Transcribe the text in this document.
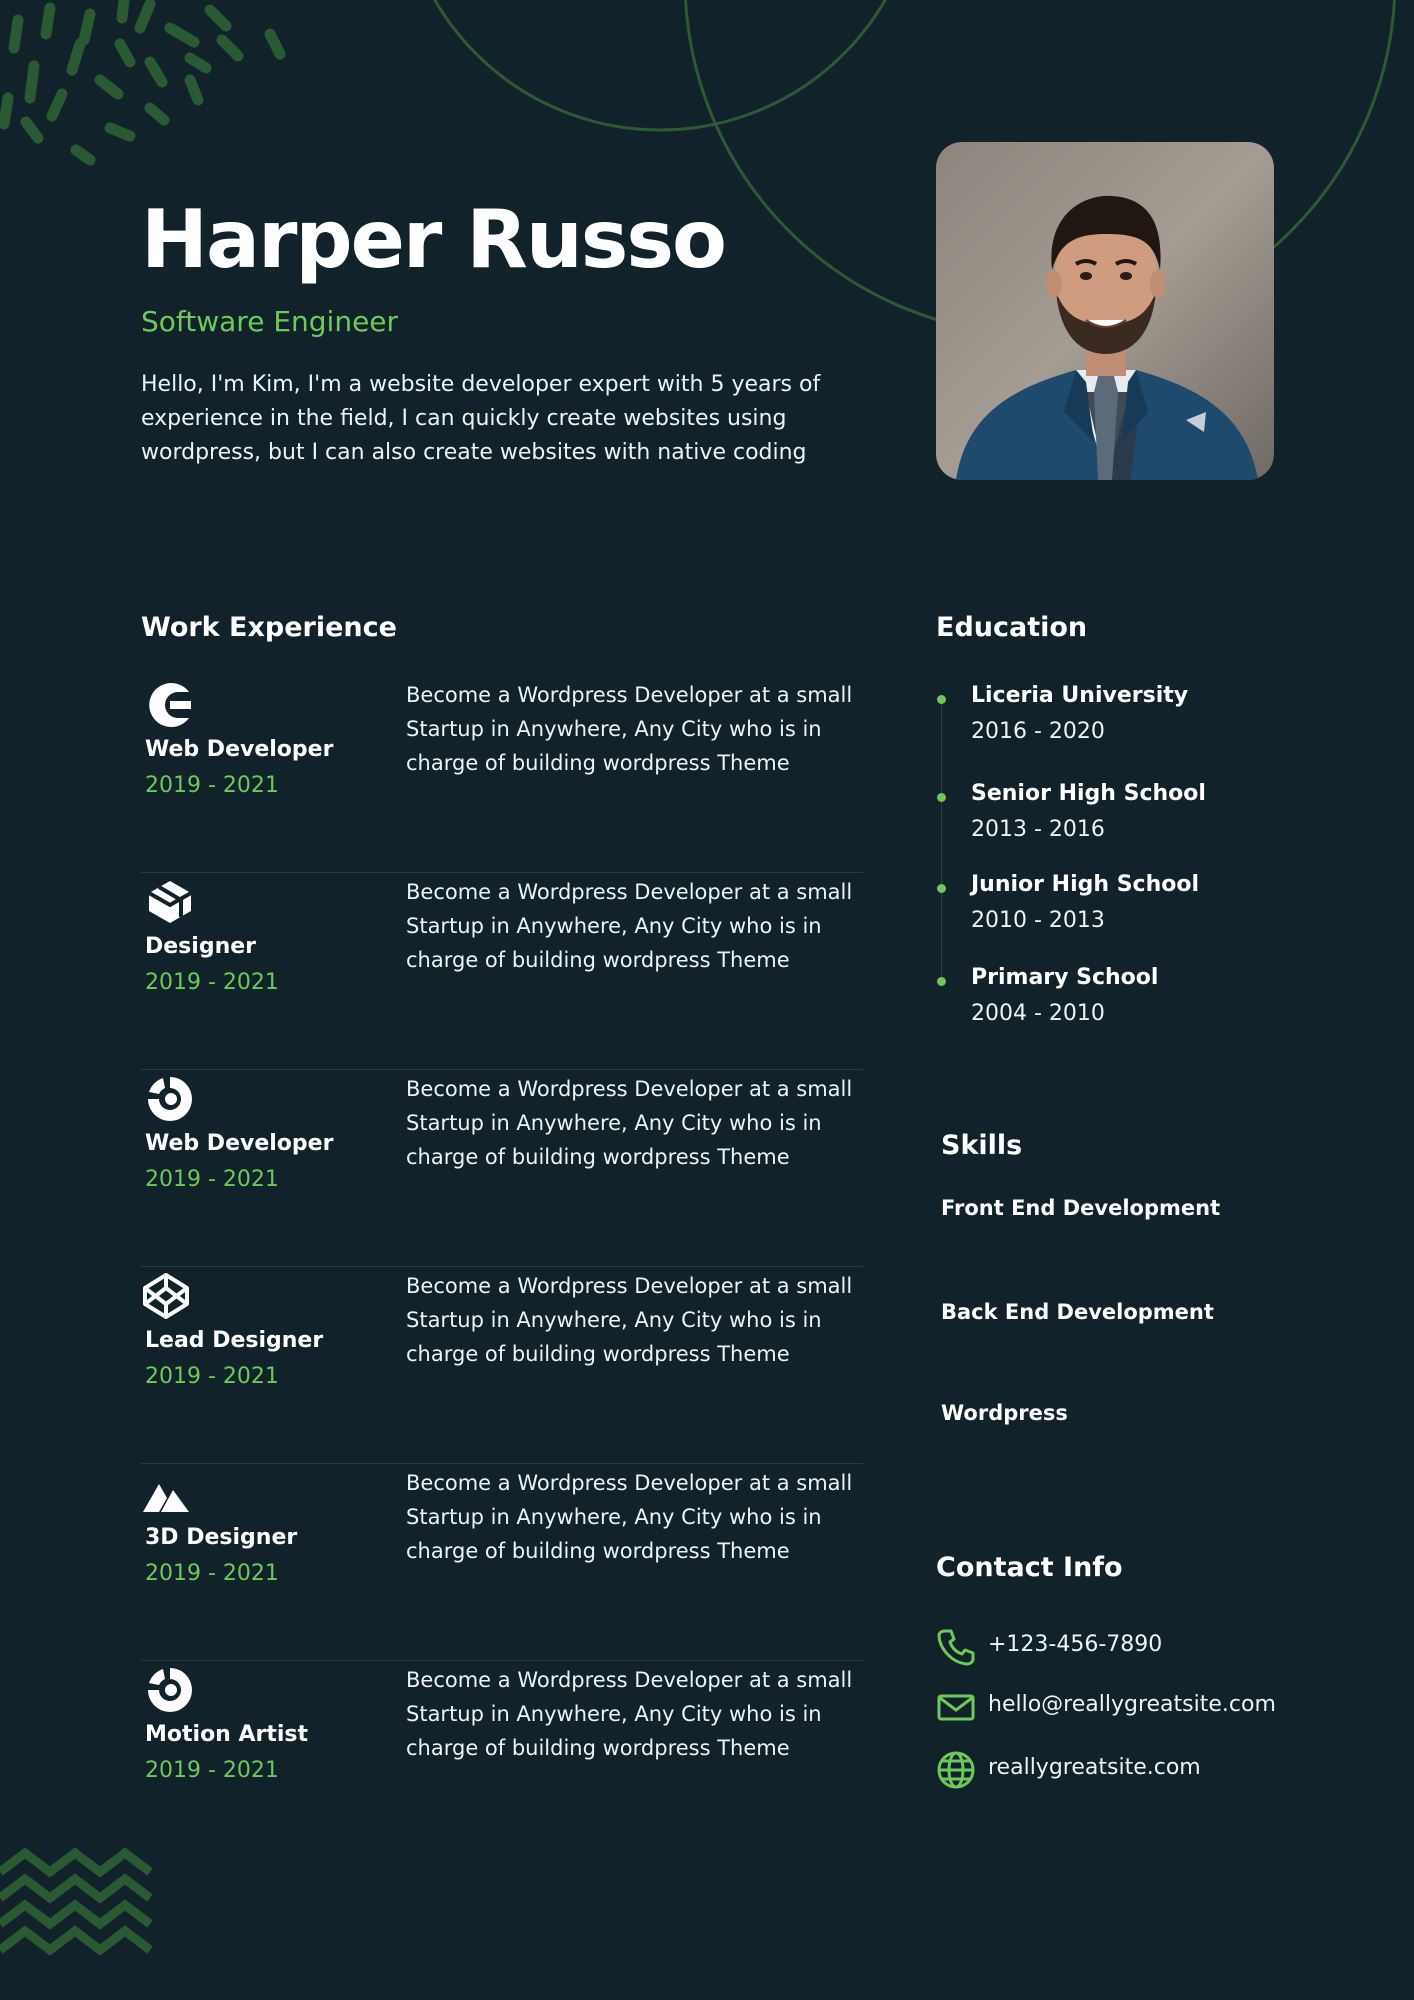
Harper Russo
Software Engineer
Hello, I'm Kim, I'm a website developer expert with 5 years of experience in the field, I can quickly create websites using wordpress, but I can also create websites with native coding
Work Experience
Web Developer
2019 - 2021
Become a Wordpress Developer at a small Startup in Anywhere, Any City who is in charge of building wordpress Theme
Designer
2019 - 2021
Become a Wordpress Developer at a small Startup in Anywhere, Any City who is in charge of building wordpress Theme
Web Developer
2019 - 2021
Become a Wordpress Developer at a small Startup in Anywhere, Any City who is in charge of building wordpress Theme
Lead Designer
2019 - 2021
Become a Wordpress Developer at a small Startup in Anywhere, Any City who is in charge of building wordpress Theme
3D Designer
2019 - 2021
Become a Wordpress Developer at a small Startup in Anywhere, Any City who is in charge of building wordpress Theme
Motion Artist
2019 - 2021
Become a Wordpress Developer at a small Startup in Anywhere, Any City who is in charge of building wordpress Theme
Education
Liceria University
2016 - 2020
Senior High School
2013 - 2016
Junior High School
2010 - 2013
Primary School
2004 - 2010
Skills
Front End Development
Back End Development
Wordpress
Contact Info
+123-456-7890
hello@reallygreatsite.com
reallygreatsite.com
